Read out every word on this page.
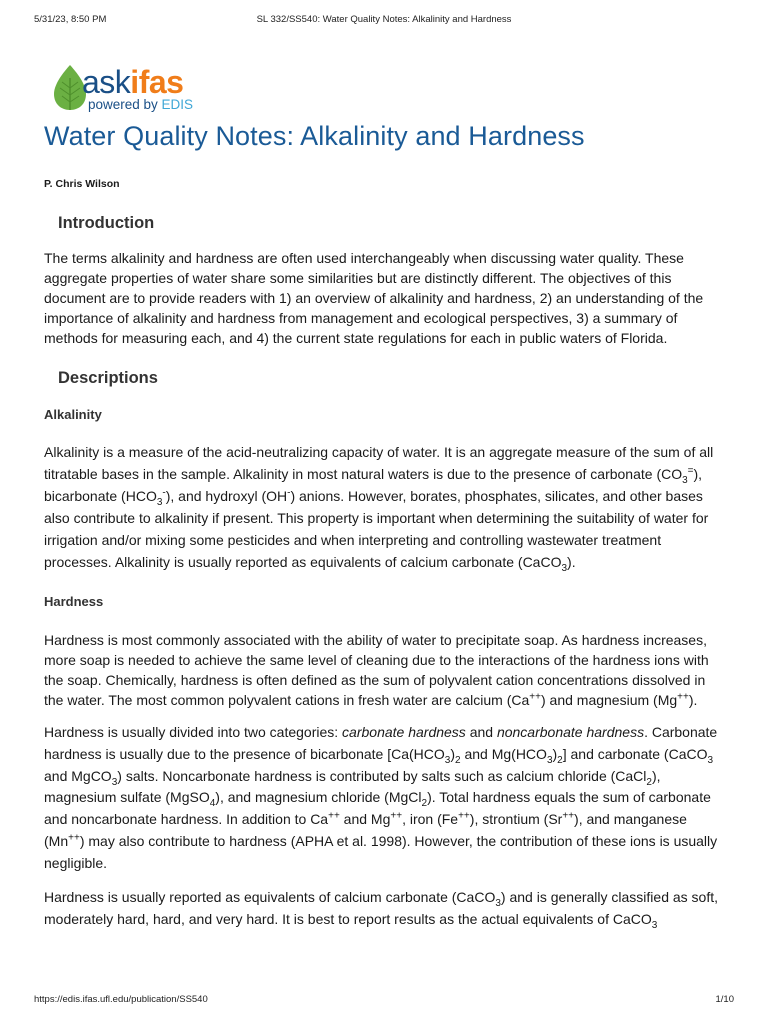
5/31/23, 8:50 PM	SL 332/SS540: Water Quality Notes: Alkalinity and Hardness
askifas
powered by EDIS
Water Quality Notes: Alkalinity and Hardness
P. Chris Wilson
Introduction

The terms alkalinity and hardness are often used interchangeably when discussing water quality. These aggregate properties of water share some similarities but are distinctly different. The objectives of this document are to provide readers with 1) an overview of alkalinity and hardness, 2) an understanding of the importance of alkalinity and hardness from management and ecological perspectives, 3) a summary of methods for measuring each, and 4) the current state regulations for each in public waters of Florida.

Descriptions
Alkalinity

Alkalinity is a measure of the acid-neutralizing capacity of water. It is an aggregate measure of the sum of all titratable bases in the sample. Alkalinity in most natural waters is due to the presence of carbonate $(CO_3^=)$, bicarbonate $(HCO_3^-)$, and hydroxyl (OH-) anions. However, borates, phosphates, silicates, and other bases also contribute to alkalinity if present. This property is important when determining the suitability of water for irrigation and/or mixing some pesticides and when interpreting and controlling wastewater treatment processes. Alkalinity is usually reported as equivalents of calcium carbonate (CaCO$_3$).

Hardness

Hardness is most commonly associated with the ability of water to precipitate soap. As hardness increases, more soap is needed to achieve the same level of cleaning due to the interactions of the hardness ions with the soap. Chemically, hardness is often defined as the sum of polyvalent cation concentrations dissolved in the water. The most common polyvalent cations in fresh water are calcium (Ca++) and magnesium (Mg++).

Hardness is usually divided into two categories: carbonate hardness and noncarbonate hardness. Carbonate hardness is usually due to the presence of bicarbonate [$Ca(HCO_3)_2$ and $Mg(HCO_3)_2$] and carbonate (CaCO$_3$ and MgCO$_3$) salts. Noncarbonate hardness is contributed by salts such as calcium chloride (CaCl$_2$), magnesium sulfate (MgSO$_4$), and magnesium chloride (MgCl$_2$). Total hardness equals the sum of carbonate and noncarbonate hardness. In addition to Ca++ and Mg++, iron (Fe++), strontium (Sr++), and manganese (Mn++) may also contribute to hardness (APHA et al. 1998). However, the contribution of these ions is usually negligible.

Hardness is usually reported as equivalents of calcium carbonate (CaCO$_3$) and is generally classified as soft, moderately hard, hard, and very hard. It is best to report results as the actual equivalents of CaCO$_3$

https://edis.ifas.ufl.edu/publication/SS540	1/10
